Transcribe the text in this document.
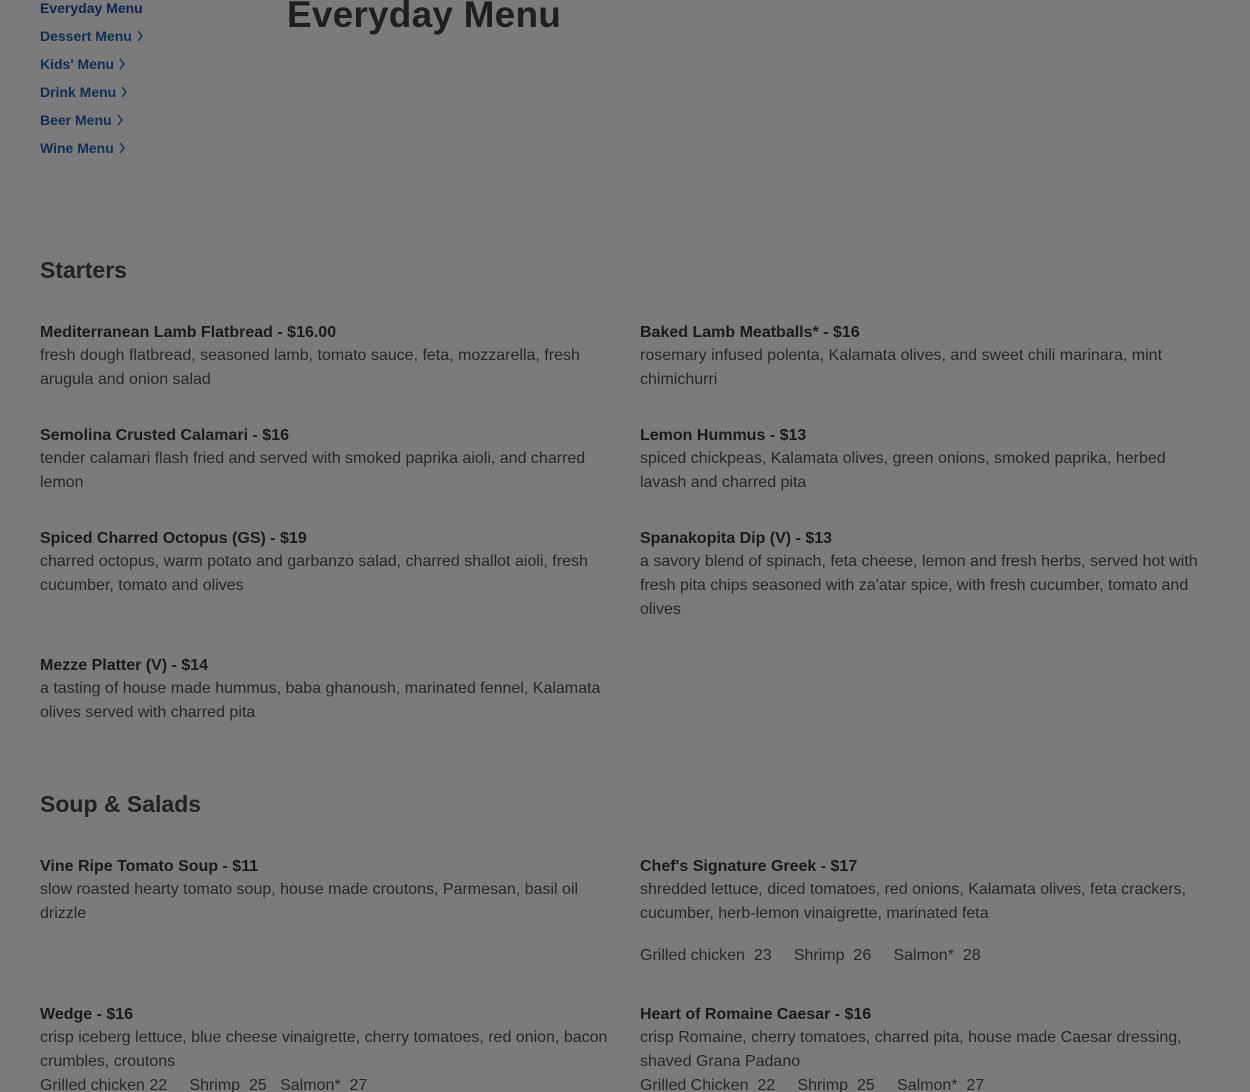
Everyday Menu
Dessert Menu
Kids' Menu
Drink Menu
Beer Menu
Wine Menu
Everyday Menu
Starters
Mediterranean Lamb Flatbread - $16.00
fresh dough flatbread, seasoned lamb, tomato sauce, feta, mozzarella, fresh arugula and onion salad
Baked Lamb Meatballs* - $16
rosemary infused polenta, Kalamata olives, and sweet chili marinara, mint chimichurri
Semolina Crusted Calamari - $16
tender calamari flash fried and served with smoked paprika aioli, and charred lemon
Lemon Hummus - $13
spiced chickpeas, Kalamata olives, green onions, smoked paprika, herbed lavash and charred pita
Spiced Charred Octopus (GS) - $19
charred octopus, warm potato and garbanzo salad, charred shallot aioli, fresh cucumber, tomato and olives
Spanakopita Dip (V) - $13
a savory blend of spinach, feta cheese, lemon and fresh herbs, served hot with fresh pita chips seasoned with za'atar spice, with fresh cucumber, tomato and olives
Mezze Platter (V) - $14
a tasting of house made hummus, baba ghanoush, marinated fennel, Kalamata olives served with charred pita
Soup & Salads
Vine Ripe Tomato Soup - $11
slow roasted hearty tomato soup, house made croutons, Parmesan, basil oil drizzle
Chef's Signature Greek - $17
shredded lettuce, diced tomatoes, red onions, Kalamata olives, feta crackers, cucumber, herb-lemon vinaigrette, marinated feta
Grilled chicken  23     Shrimp  26     Salmon*  28
Wedge - $16
crisp iceberg lettuce, blue cheese vinaigrette, cherry tomatoes, red onion, bacon crumbles, croutons
Grilled chicken 22     Shrimp  25   Salmon*  27
Heart of Romaine Caesar - $16
crisp Romaine, cherry tomatoes, charred pita, house made Caesar dressing, shaved Grana Padano
Grilled Chicken  22     Shrimp  25     Salmon*  27
